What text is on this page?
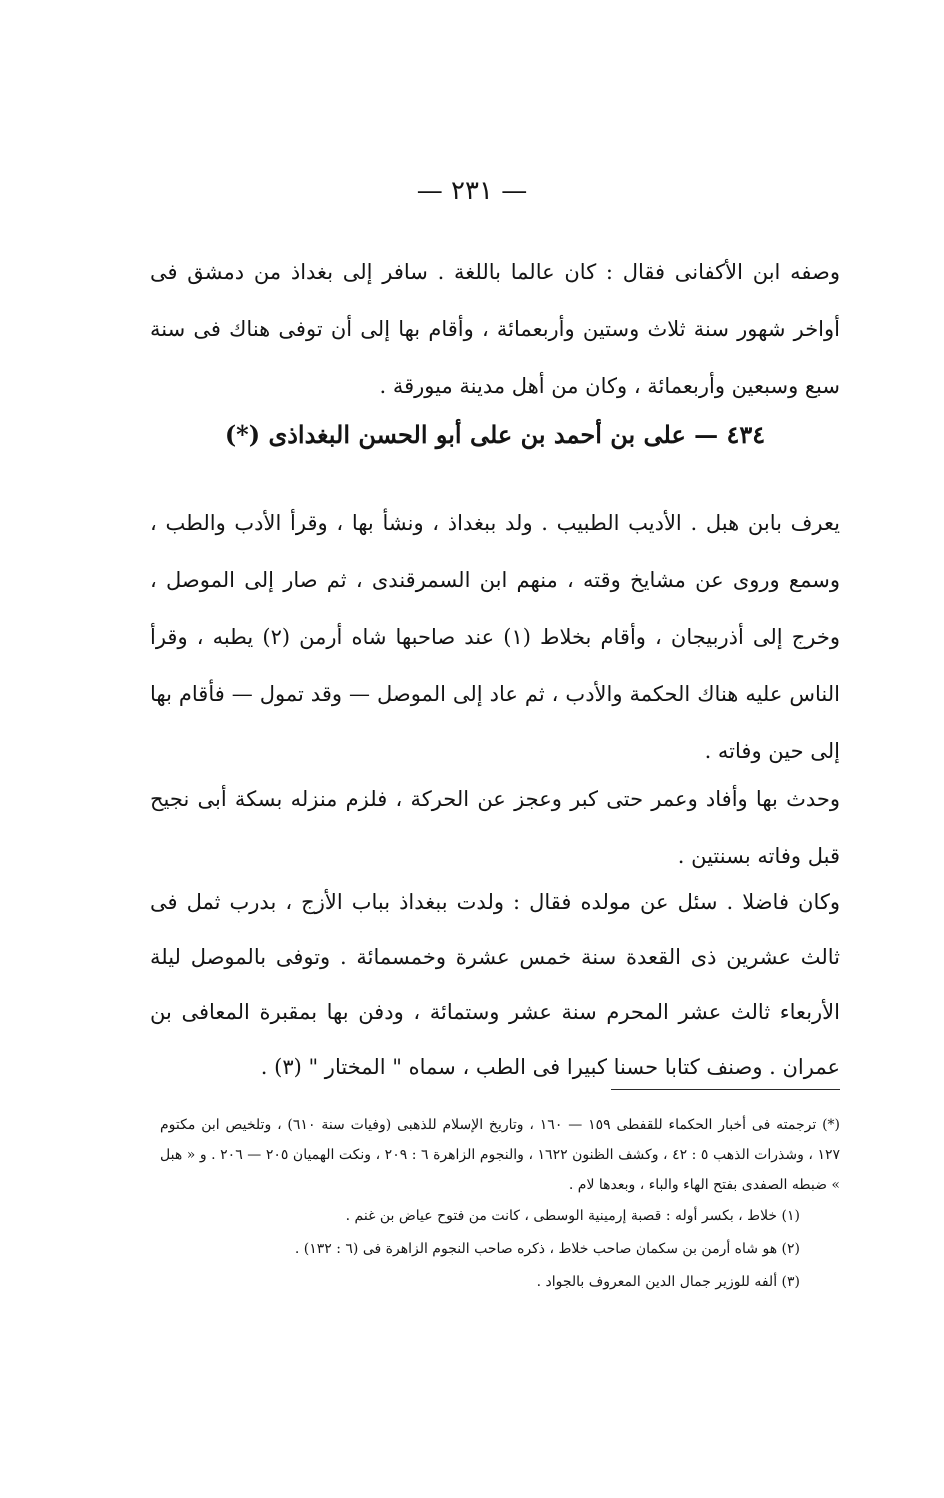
— ٢٣١ —

وصفه ابن الأكفانى فقال : كان عالما باللغة . سافر إلى بغداذ من دمشق فى أواخر شهور سنة ثلاث وستين وأربعمائة ، وأقام بها إلى أن توفى هناك فى سنة سبع وسبعين وأربعمائة ، وكان من أهل مدينة ميورقة .

٤٣٤ — على بن أحمد بن على أبو الحسن البغداذى (*)

يعرف بابن هبل . الأديب الطبيب . ولد ببغداذ ، ونشأ بها ، وقرأ الأدب والطب ، وسمع وروى عن مشايخ وقته ، منهم ابن السمرقندى ، ثم صار إلى الموصل ، وخرج إلى أذربيجان ، وأقام بخلاط (١) عند صاحبها شاه أرمن (٢) يطبه ، وقرأ الناس عليه هناك الحكمة والأدب ، ثم عاد إلى الموصل — وقد تمول — فأقام بها إلى حين وفاته .

وحدث بها وأفاد وعمر حتى كبر وعجز عن الحركة ، فلزم منزله بسكة أبى نجيح قبل وفاته بسنتين .

وكان فاضلا . سئل عن مولده فقال : ولدت ببغداذ بباب الأزج ، بدرب ثمل فى ثالث عشرين ذى القعدة سنة خمس عشرة وخمسمائة . وتوفى بالموصل ليلة الأربعاء ثالث عشر المحرم سنة عشر وستمائة ، ودفن بها بمقبرة المعافى بن عمران . وصنف كتابا حسنا كبيرا فى الطب ، سماه " المختار " (٣) .

(*) ترجمته فى أخبار الحكماء للقفطى ١٥٩ — ١٦٠ ، وتاريخ الإسلام للذهبى (وفيات سنة ٦١٠) ، وتلخيص ابن مكتوم ١٢٧ ، وشذرات الذهب ٥ : ٤٢ ، وكشف الظنون ١٦٢٢ ، والنجوم الزاهرة ٦ : ٢٠٩ ، ونكت الهميان ٢٠٥ — ٢٠٦ . و « هبل » ضبطه الصفدى بفتح الهاء والباء ، وبعدها لام .

(١) خلاط ، بكسر أوله : قصبة إرمينية الوسطى ، كانت من فتوح عياض بن غنم .

(٢) هو شاه أرمن بن سكمان صاحب خلاط ، ذكره صاحب النجوم الزاهرة فى (٦ : ١٣٢) .

(٣) ألفه للوزير جمال الدين المعروف بالجواد .
